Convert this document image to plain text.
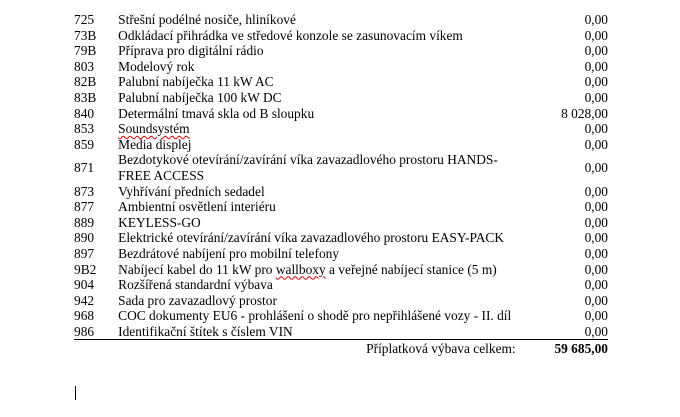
725	Střešní podélné nosiče, hliníkové	0,00
73B	Odkládací přihrádka ve středové konzole se zasunovacím víkem	0,00
79B	Příprava pro digitální rádio	0,00
803	Modelový rok	0,00
82B	Palubní nabíječka 11 kW AC	0,00
83B	Palubní nabíječka 100 kW DC	0,00
840	Determální tmavá skla od B sloupku	8 028,00
853	Soundsystém	0,00
859	Media displej	0,00
871	Bezdotykové otevírání/zavírání víka zavazadlového prostoru HANDS-FREE ACCESS	0,00
873	Vyhřívání předních sedadel	0,00
877	Ambientní osvětlení interiéru	0,00
889	KEYLESS-GO	0,00
890	Elektrické otevírání/zavírání víka zavazadlového prostoru EASY-PACK	0,00
897	Bezdrátové nabíjení pro mobilní telefony	0,00
9B2	Nabíjecí kabel do 11 kW pro wallboxy a veřejné nabíjecí stanice (5 m)	0,00
904	Rozšířená standardní výbava	0,00
942	Sada pro zavazadlový prostor	0,00
968	COC dokumenty EU6 - prohlášení o shodě pro nepřihlášené vozy - II. díl	0,00
986	Identifikační štítek s číslem VIN	0,00
Příplatková výbava celkem:		59 685,00
